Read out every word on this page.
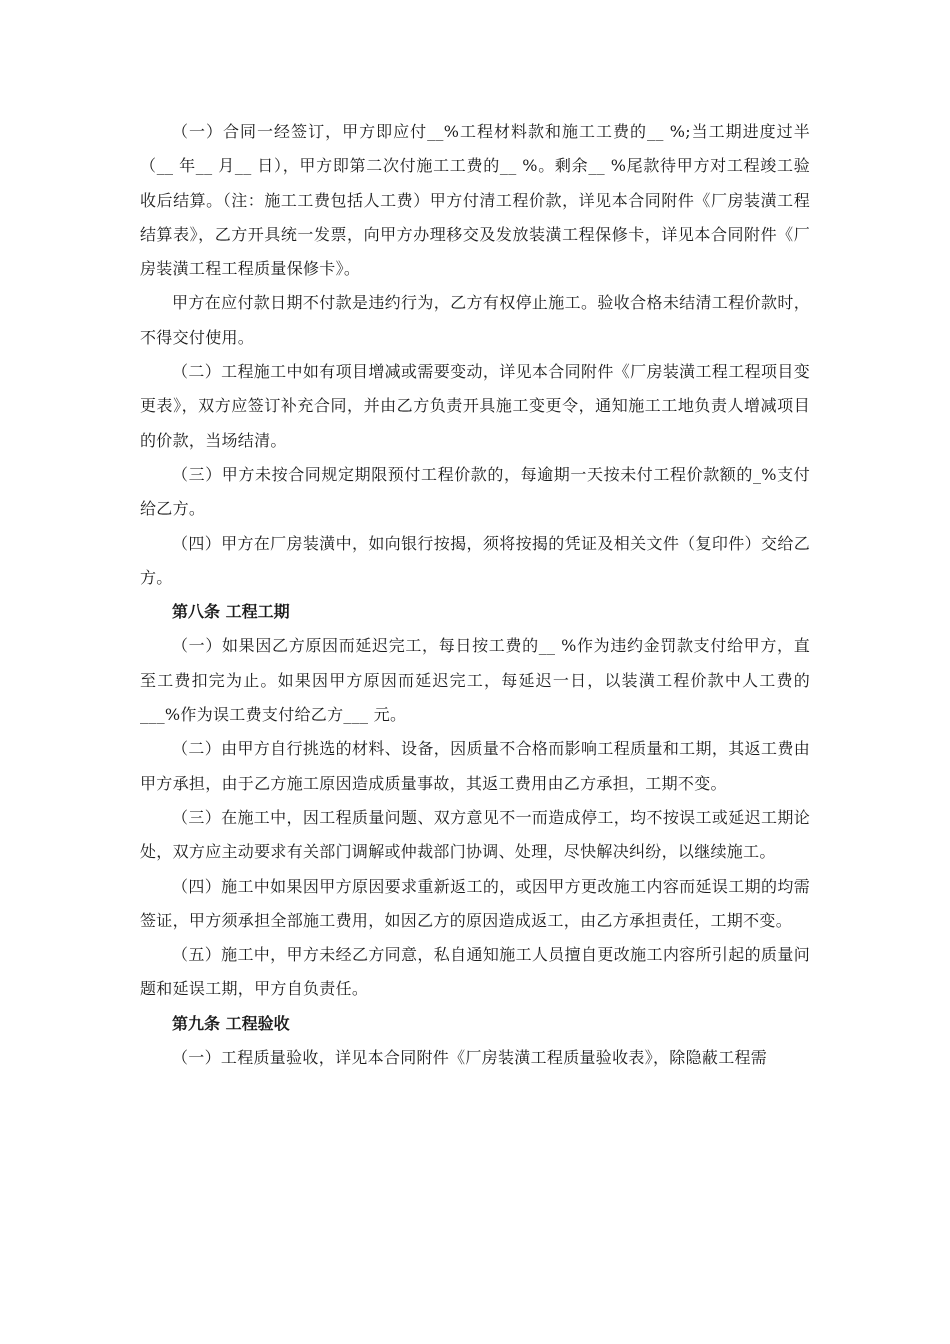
（一）合同一经签订，甲方即应付__%工程材料款和施工工费的__ %;当工期进度过半（__ 年__ 月__ 日），甲方即第二次付施工工费的__ %。剩余__ %尾款待甲方对工程竣工验收后结算。（注：施工工费包括人工费）甲方付清工程价款，详见本合同附件《厂房装潢工程结算表》，乙方开具统一发票，向甲方办理移交及发放装潢工程保修卡，详见本合同附件《厂房装潢工程工程质量保修卡》。

甲方在应付款日期不付款是违约行为，乙方有权停止施工。验收合格未结清工程价款时，不得交付使用。

（二）工程施工中如有项目增减或需要变动，详见本合同附件《厂房装潢工程工程项目变更表》，双方应签订补充合同，并由乙方负责开具施工变更令，通知施工工地负责人增减项目的价款，当场结清。

（三）甲方未按合同规定期限预付工程价款的，每逾期一天按未付工程价款额的_%支付给乙方。

（四）甲方在厂房装潢中，如向银行按揭，须将按揭的凭证及相关文件（复印件）交给乙方。

第八条 工程工期

（一）如果因乙方原因而延迟完工，每日按工费的__ %作为违约金罚款支付给甲方，直至工费扣完为止。如果因甲方原因而延迟完工，每延迟一日，以装潢工程价款中人工费的___%作为误工费支付给乙方___ 元。

（二）由甲方自行挑选的材料、设备，因质量不合格而影响工程质量和工期，其返工费由甲方承担，由于乙方施工原因造成质量事故，其返工费用由乙方承担，工期不变。

（三）在施工中，因工程质量问题、双方意见不一而造成停工，均不按误工或延迟工期论处，双方应主动要求有关部门调解或仲裁部门协调、处理，尽快解决纠纷，以继续施工。

（四）施工中如果因甲方原因要求重新返工的，或因甲方更改施工内容而延误工期的均需签证，甲方须承担全部施工费用，如因乙方的原因造成返工，由乙方承担责任，工期不变。

（五）施工中，甲方未经乙方同意，私自通知施工人员擅自更改施工内容所引起的质量问题和延误工期，甲方自负责任。

第九条 工程验收

（一）工程质量验收，详见本合同附件《厂房装潢工程质量验收表》，除隐蔽工程需
